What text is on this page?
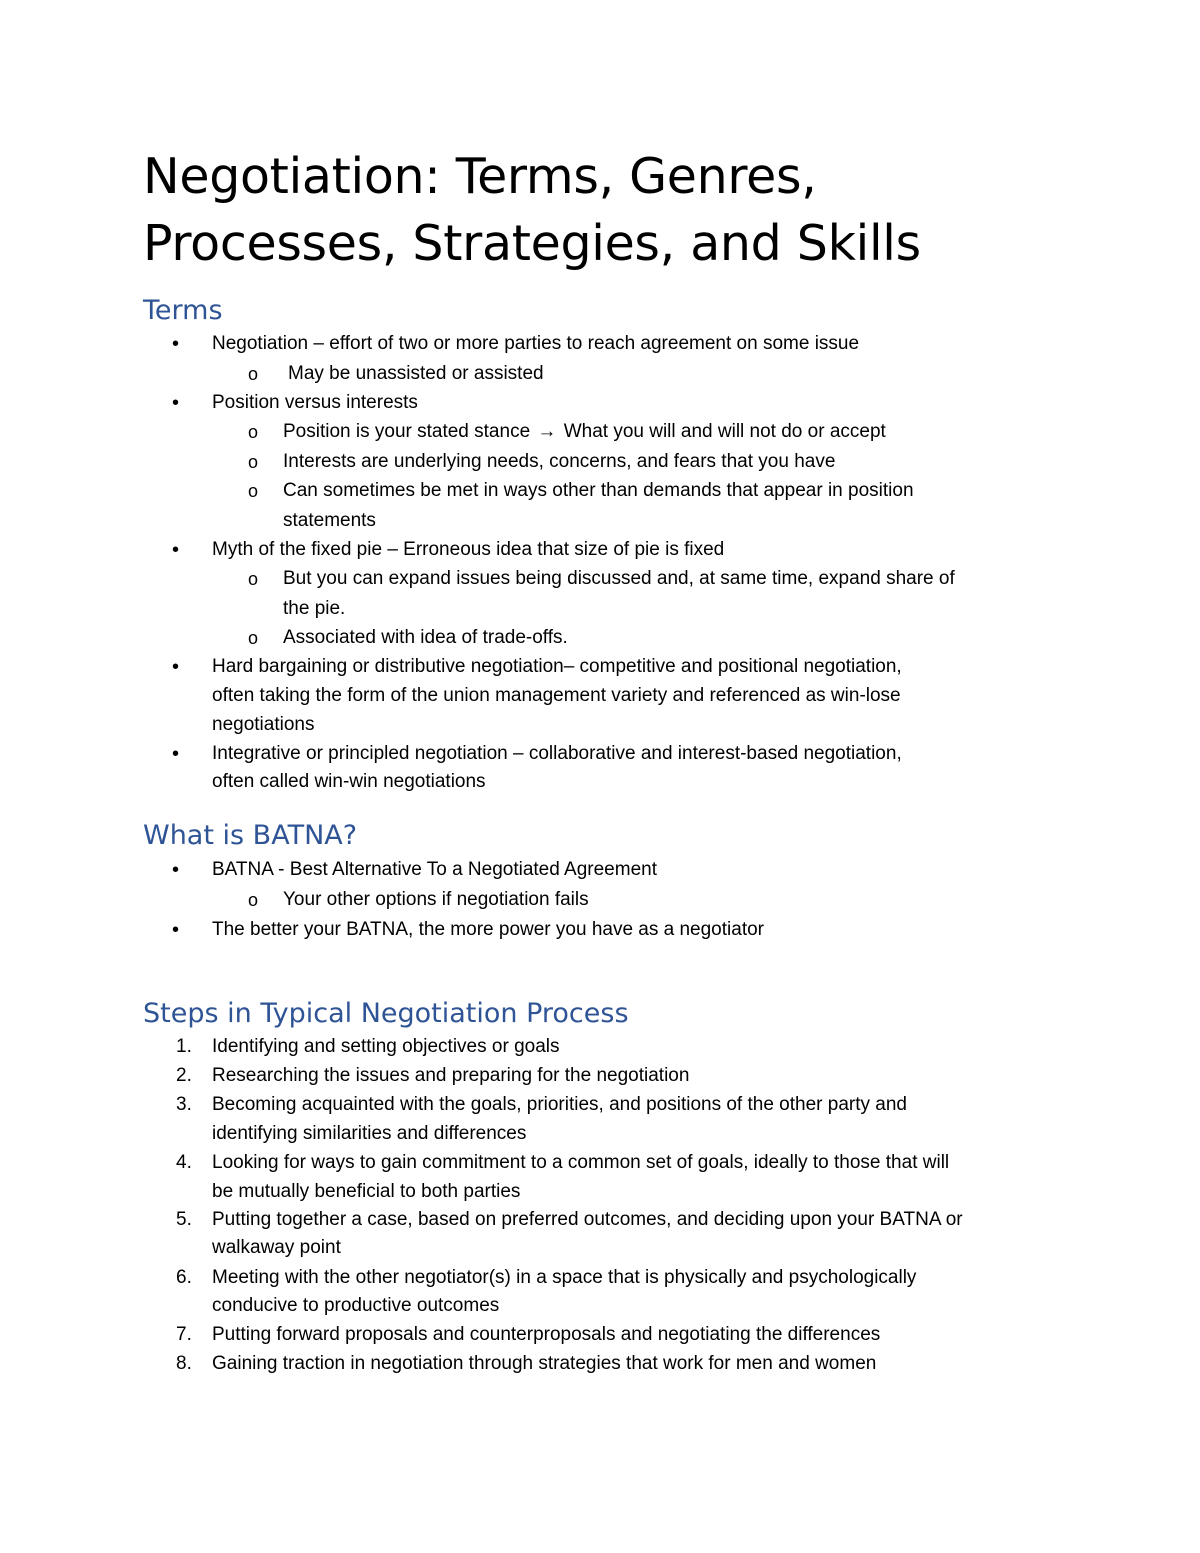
Negotiation: Terms, Genres,
Processes, Strategies, and Skills
Terms
• Negotiation – effort of two or more parties to reach agreement on some issue
o May be unassisted or assisted
• Position versus interests
o Position is your stated stance → What you will and will not do or accept
o Interests are underlying needs, concerns, and fears that you have
o Can sometimes be met in ways other than demands that appear in position
statements
• Myth of the fixed pie – Erroneous idea that size of pie is fixed
o But you can expand issues being discussed and, at same time, expand share of
the pie.
o Associated with idea of trade-offs.
• Hard bargaining or distributive negotiation– competitive and positional negotiation,
often taking the form of the union management variety and referenced as win-lose
negotiations
• Integrative or principled negotiation – collaborative and interest-based negotiation,
often called win-win negotiations
What is BATNA?
• BATNA - Best Alternative To a Negotiated Agreement
o Your other options if negotiation fails
• The better your BATNA, the more power you have as a negotiator
Steps in Typical Negotiation Process
1. Identifying and setting objectives or goals
2. Researching the issues and preparing for the negotiation
3. Becoming acquainted with the goals, priorities, and positions of the other party and
identifying similarities and differences
4. Looking for ways to gain commitment to a common set of goals, ideally to those that will
be mutually beneficial to both parties
5. Putting together a case, based on preferred outcomes, and deciding upon your BATNA or
walkaway point
6. Meeting with the other negotiator(s) in a space that is physically and psychologically
conducive to productive outcomes
7. Putting forward proposals and counterproposals and negotiating the differences
8. Gaining traction in negotiation through strategies that work for men and women
